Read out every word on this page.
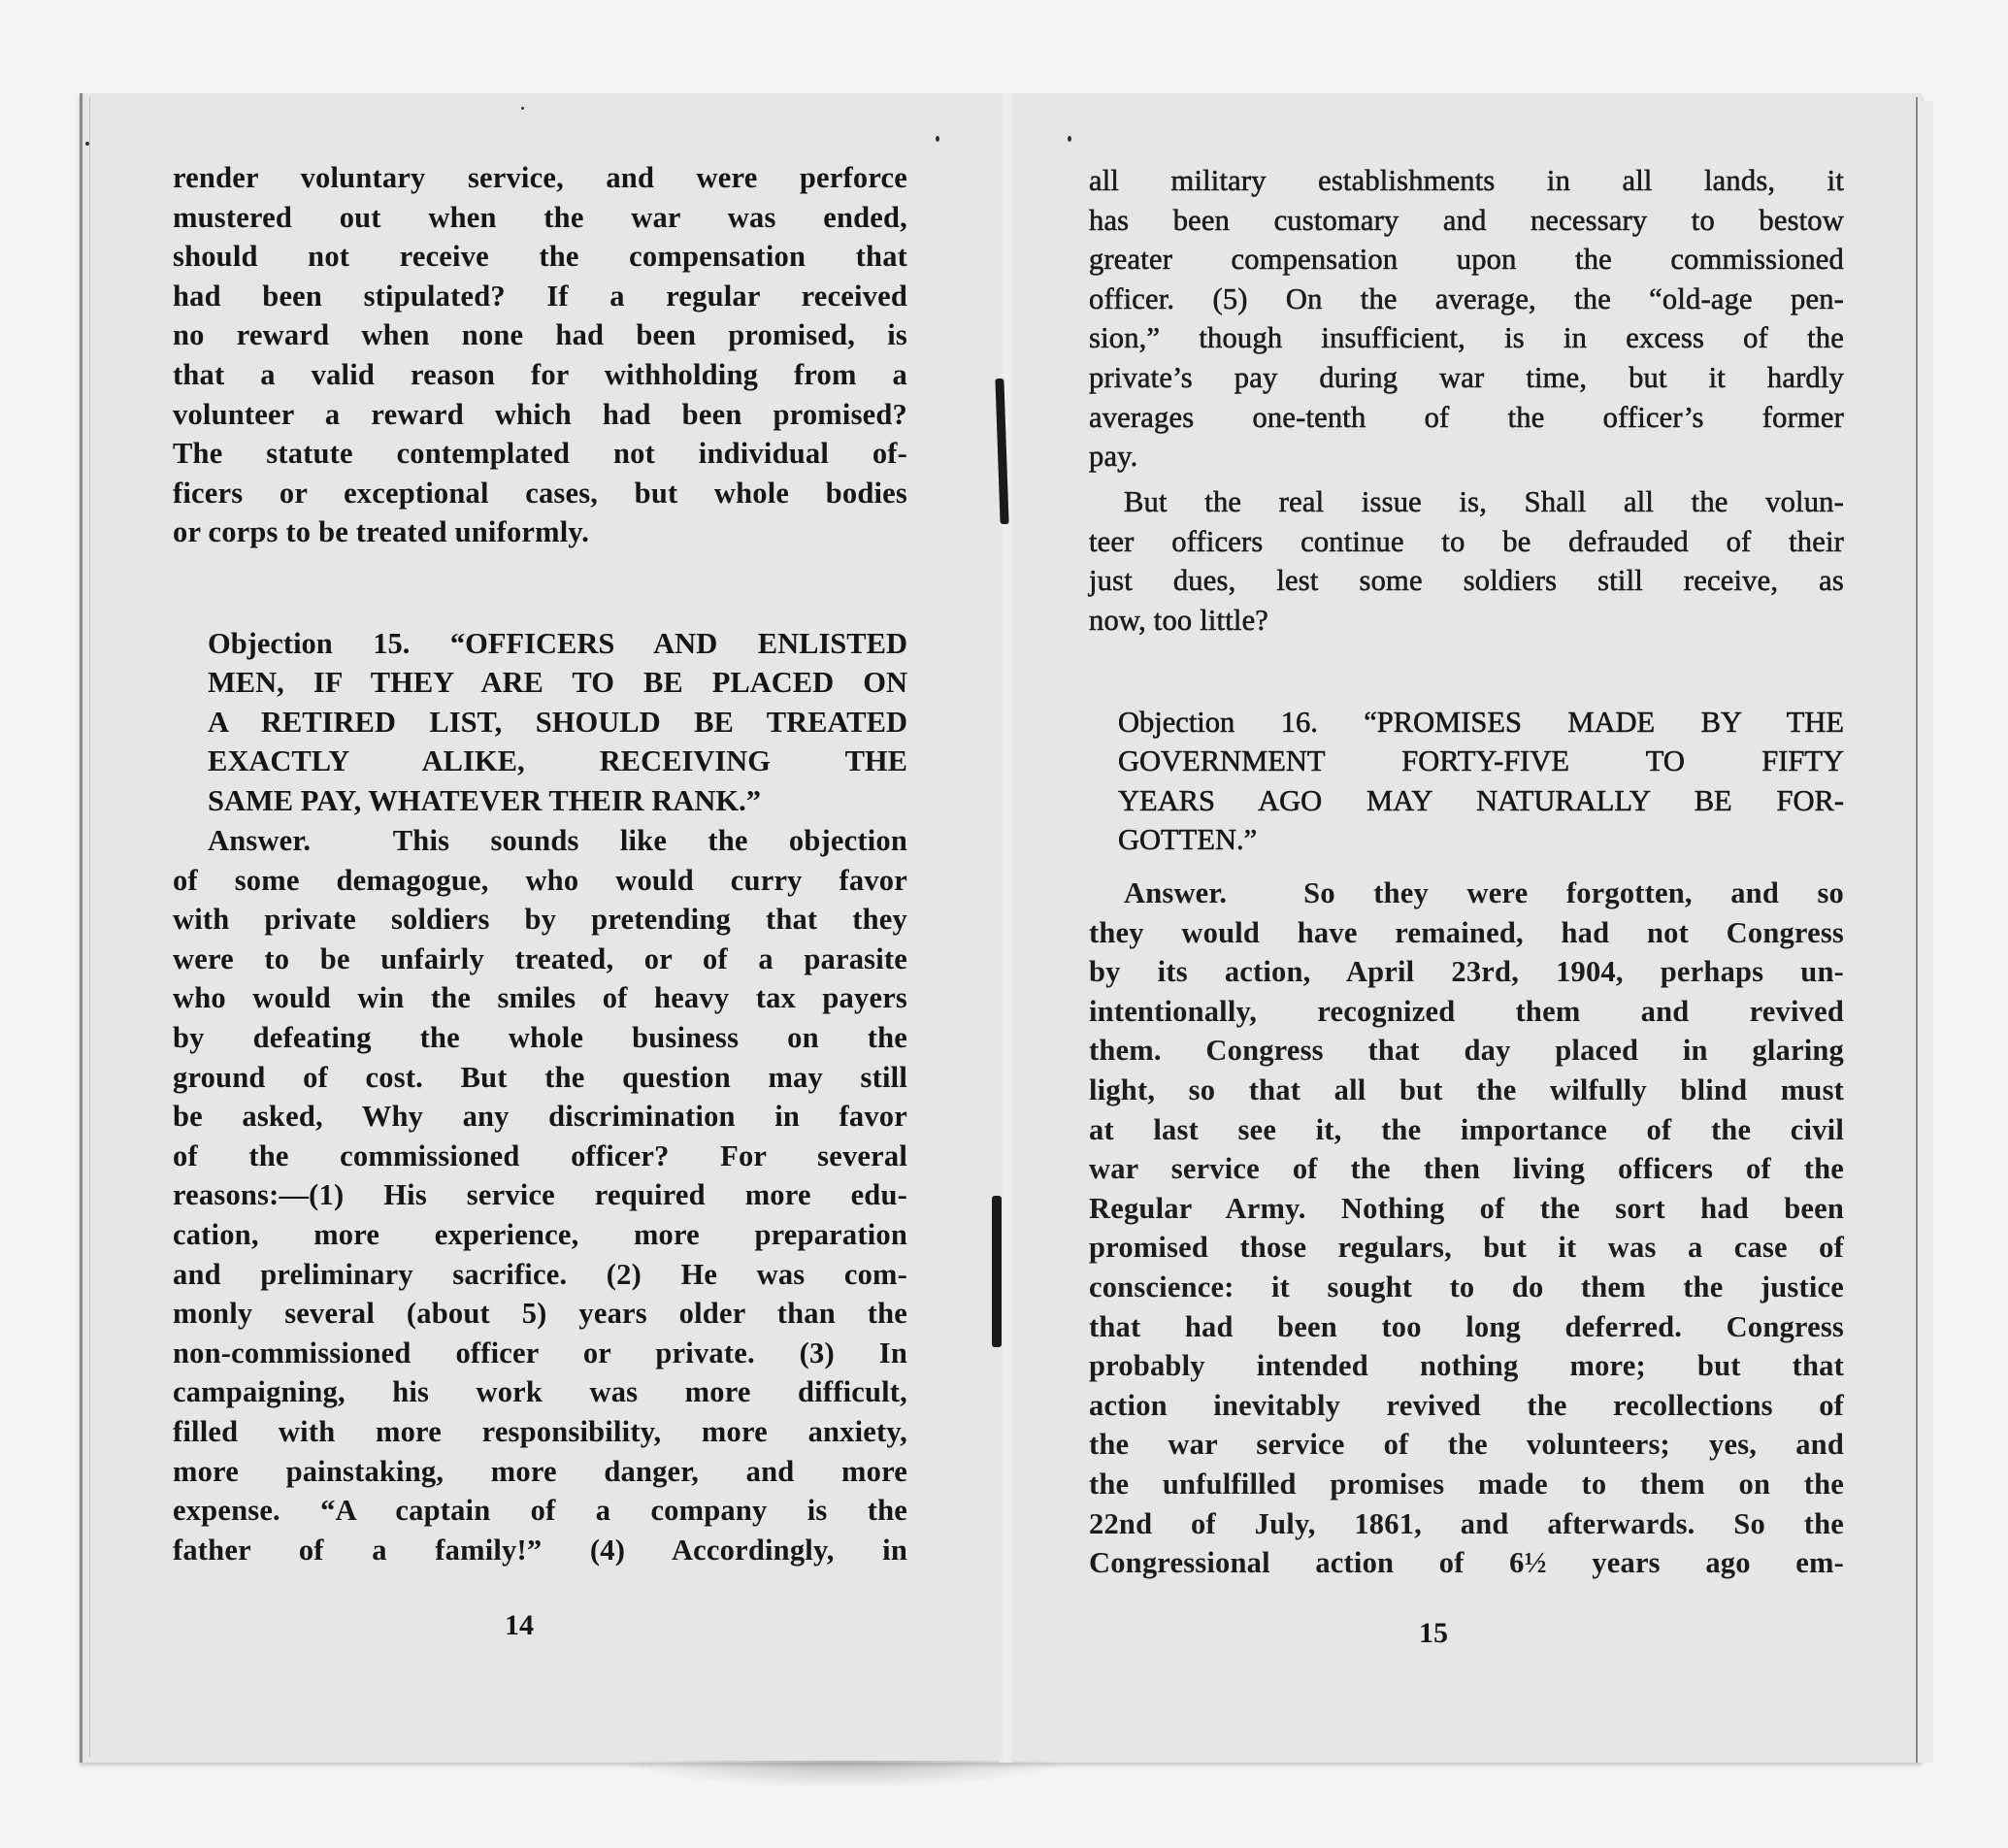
render voluntary service, and were perforce
mustered out when the war was ended,
should not receive the compensation that
had been stipulated? If a regular received
no reward when none had been promised, is
that a valid reason for withholding from a
volunteer a reward which had been promised?
The statute contemplated not individual of-
ficers or exceptional cases, but whole bodies
or corps to be treated uniformly.
Objection 15. “OFFICERS AND ENLISTED
MEN, IF THEY ARE TO BE PLACED ON
A RETIRED LIST, SHOULD BE TREATED
EXACTLY ALIKE, RECEIVING THE
SAME PAY, WHATEVER THEIR RANK.”
Answer.	This sounds like the objection
of some demagogue, who would curry favor
with private soldiers by pretending that they
were to be unfairly treated, or of a parasite
who would win the smiles of heavy tax payers
by defeating the whole business on the
ground of cost. But the question may still
be asked, Why any discrimination in favor
of the commissioned officer? For several
reasons:—(1) His service required more edu-
cation, more experience, more preparation
and preliminary sacrifice. (2) He was com-
monly several (about 5) years older than the
non-commissioned officer or private. (3) In
campaigning, his work was more difficult,
filled with more responsibility, more anxiety,
more painstaking, more danger, and more
expense. “A captain of a company is the
father of a family!” (4) Accordingly, in
14
all military establishments in all lands, it
has been customary and necessary to bestow
greater compensation upon the commissioned
officer. (5) On the average, the “old-age pen-
sion,” though insufficient, is in excess of the
private’s pay during war time, but it hardly
averages one-tenth of the officer’s former
pay.
But the real issue is, Shall all the volun-
teer officers continue to be defrauded of their
just dues, lest some soldiers still receive, as
now, too little?
Objection 16. “PROMISES MADE BY THE
GOVERNMENT FORTY-FIVE TO FIFTY
YEARS AGO MAY NATURALLY BE FOR-
GOTTEN.”
Answer.	So they were forgotten, and so
they would have remained, had not Congress
by its action, April 23rd, 1904, perhaps un-
intentionally, recognized them and revived
them. Congress that day placed in glaring
light, so that all but the wilfully blind must
at last see it, the importance of the civil
war service of the then living officers of the
Regular Army. Nothing of the sort had been
promised those regulars, but it was a case of
conscience: it sought to do them the justice
that had been too long deferred. Congress
probably intended nothing more; but that
action inevitably revived the recollections of
the war service of the volunteers; yes, and
the unfulfilled promises made to them on the
22nd of July, 1861, and afterwards. So the
Congressional action of 6½ years ago em-
15
